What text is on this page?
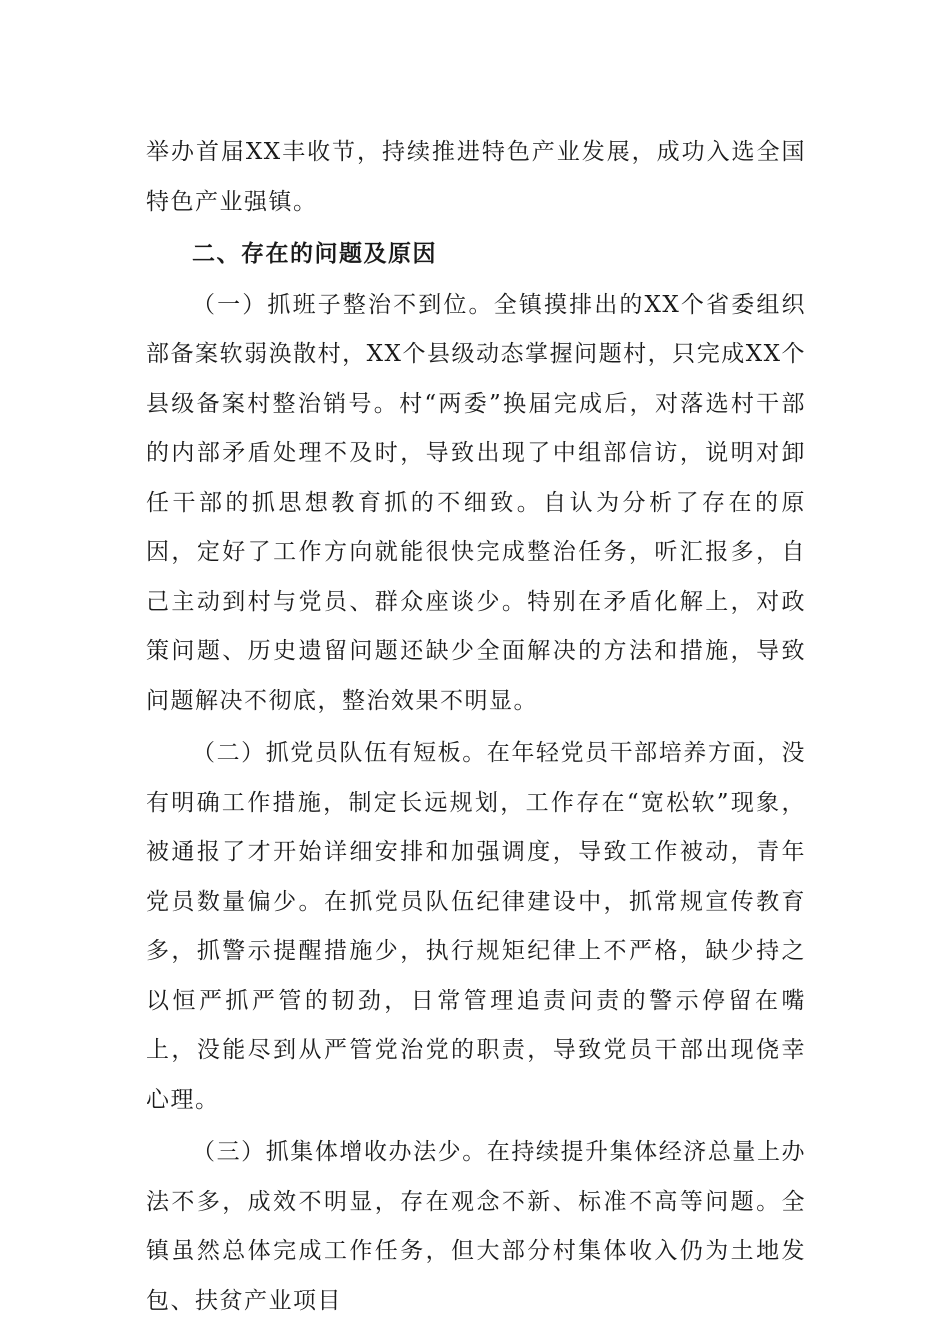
举办首届XX丰收节，持续推进特色产业发展，成功入选全国特色产业强镇。

二、存在的问题及原因

（一）抓班子整治不到位。全镇摸排出的XX个省委组织部备案软弱涣散村，XX个县级动态掌握问题村，只完成XX个县级备案村整治销号。村“两委”换届完成后，对落选村干部的内部矛盾处理不及时，导致出现了中组部信访，说明对卸任干部的抓思想教育抓的不细致。自认为分析了存在的原因，定好了工作方向就能很快完成整治任务，听汇报多，自己主动到村与党员、群众座谈少。特别在矛盾化解上，对政策问题、历史遗留问题还缺少全面解决的方法和措施，导致问题解决不彻底，整治效果不明显。

（二）抓党员队伍有短板。在年轻党员干部培养方面，没有明确工作措施，制定长远规划，工作存在“宽松软”现象，被通报了才开始详细安排和加强调度，导致工作被动，青年党员数量偏少。在抓党员队伍纪律建设中，抓常规宣传教育多，抓警示提醒措施少，执行规矩纪律上不严格，缺少持之以恒严抓严管的韧劲，日常管理追责问责的警示停留在嘴上，没能尽到从严管党治党的职责，导致党员干部出现侥幸心理。

（三）抓集体增收办法少。在持续提升集体经济总量上办法不多，成效不明显，存在观念不新、标准不高等问题。全镇虽然总体完成工作任务，但大部分村集体收入仍为土地发包、扶贫产业项目
